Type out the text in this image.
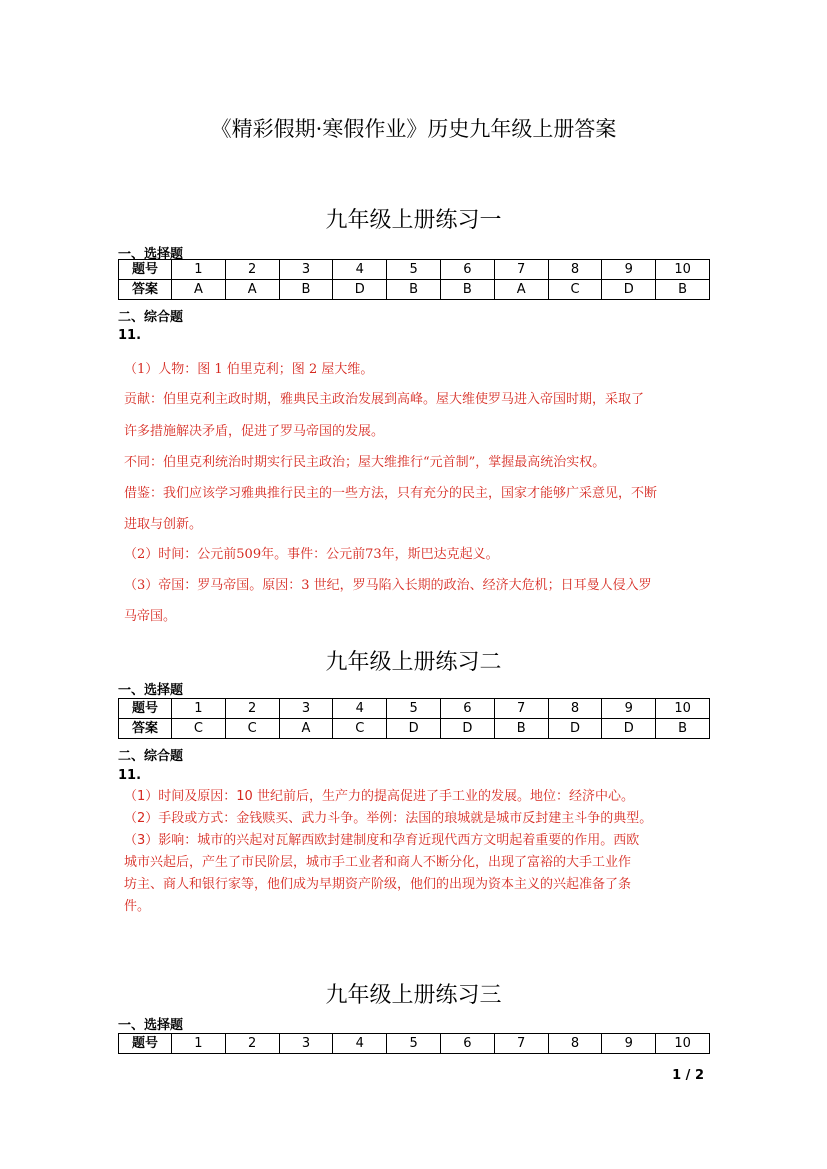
《精彩假期·寒假作业》历史九年级上册答案
九年级上册练习一
一、选择题
题号	1	2	3	4	5	6	7	8	9	10
答案	A	A	B	D	B	B	A	C	D	B
二、综合题
11.
（1）人物：图 1 伯里克利；图 2 屋大维。
贡献：伯里克利主政时期，雅典民主政治发展到高峰。屋大维使罗马进入帝国时期，采取了
许多措施解决矛盾，促进了罗马帝国的发展。
不同：伯里克利统治时期实行民主政治；屋大维推行“元首制”，掌握最高统治实权。
借鉴：我们应该学习雅典推行民主的一些方法，只有充分的民主，国家才能够广采意见，不断
进取与创新。
（2）时间：公元前509年。事件：公元前73年，斯巴达克起义。
（3）帝国：罗马帝国。原因：3 世纪，罗马陷入长期的政治、经济大危机；日耳曼人侵入罗
马帝国。
九年级上册练习二
一、选择题
题号	1	2	3	4	5	6	7	8	9	10
答案	C	C	A	C	D	D	B	D	D	B
二、综合题
11.
（1）时间及原因：10 世纪前后，生产力的提高促进了手工业的发展。地位：经济中心。
（2）手段或方式：金钱赎买、武力斗争。举例：法国的琅城就是城市反封建主斗争的典型。
（3）影响：城市的兴起对瓦解西欧封建制度和孕育近现代西方文明起着重要的作用。西欧
城市兴起后，产生了市民阶层，城市手工业者和商人不断分化，出现了富裕的大手工业作
坊主、商人和银行家等，他们成为早期资产阶级，他们的出现为资本主义的兴起准备了条
件。
九年级上册练习三
一、选择题
题号	1	2	3	4	5	6	7	8	9	10
1 / 2
